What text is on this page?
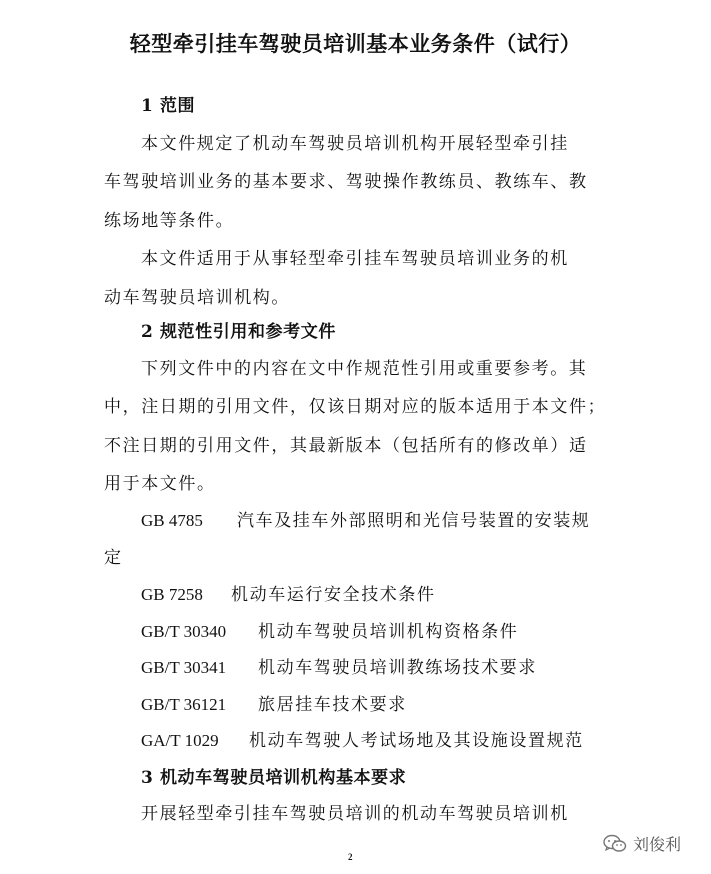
轻型牵引挂车驾驶员培训基本业务条件（试行）
1 范围
本文件规定了机动车驾驶员培训机构开展轻型牵引挂
车驾驶培训业务的基本要求、驾驶操作教练员、教练车、教
练场地等条件。
本文件适用于从事轻型牵引挂车驾驶员培训业务的机
动车驾驶员培训机构。
2 规范性引用和参考文件
下列文件中的内容在文中作规范性引用或重要参考。其
中，注日期的引用文件，仅该日期对应的版本适用于本文件；
不注日期的引用文件，其最新版本（包括所有的修改单）适
用于本文件。
GB 4785 汽车及挂车外部照明和光信号装置的安装规
定
GB 7258 机动车运行安全技术条件
GB/T 30340 机动车驾驶员培训机构资格条件
GB/T 30341 机动车驾驶员培训教练场技术要求
GB/T 36121 旅居挂车技术要求
GA/T 1029 机动车驾驶人考试场地及其设施设置规范
3 机动车驾驶员培训机构基本要求
开展轻型牵引挂车驾驶员培训的机动车驾驶员培训机
2
刘俊利
